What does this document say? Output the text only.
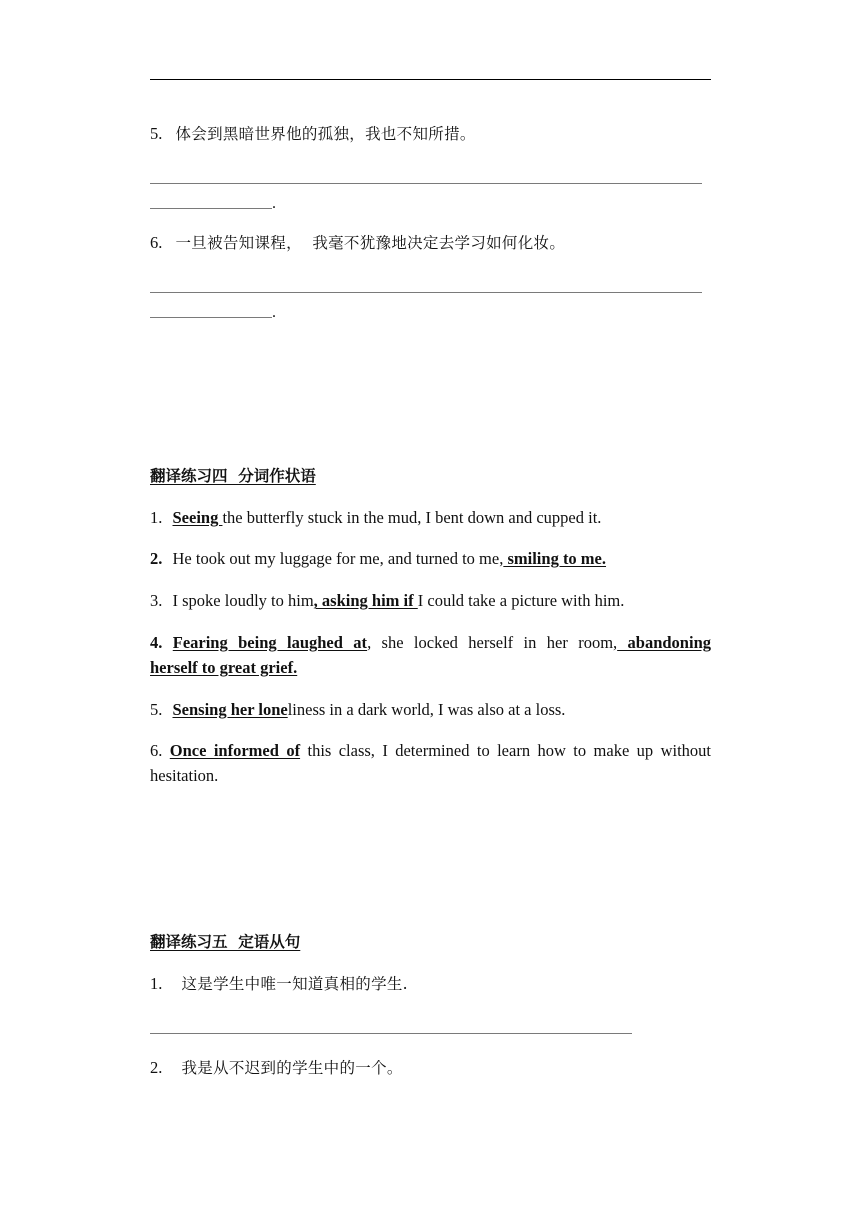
5. 体会到黑暗世界他的孤独，我也不知所措。
.
6. 一旦被告知课程，  我毫不犹豫地决定去学习如何化妆。
.
翻译练习四  分词作状语
1. Seeing the butterfly stuck in the mud, I bent down and cupped it.
2. He took out my luggage for me, and turned to me, smiling to me.
3. I spoke loudly to him, asking him if I could take a picture with him.
4. Fearing being laughed at, she locked herself in her room, abandoning
herself to great grief.
5. Sensing her loneliness in a dark world, I was also at a loss.
6. Once informed of this class, I determined to learn how to make up without
hesitation.
翻译练习五  定语从句
1. 这是学生中唯一知道真相的学生.
2. 我是从不迟到的学生中的一个。
